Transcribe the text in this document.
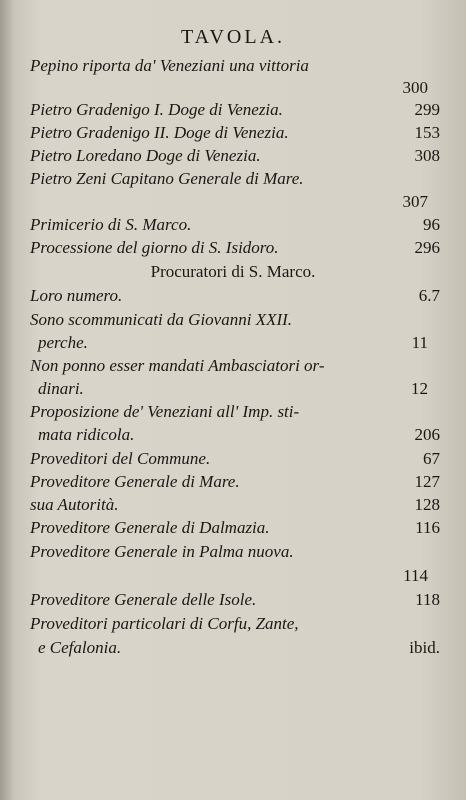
TAVOLA.
Pepino riporta da' Veneziani una vittoria
300
Pietro Gradenigo I. Doge di Venezia.	299
Pietro Gradenigo II. Doge di Venezia.	153
Pietro Loredano Doge di Venezia.	308
Pietro Zeni Capitano Generale di Mare.
307
Primicerio di S. Marco.	96
Processione del giorno di S. Isidoro.	296
Procuratori di S. Marco.
Loro numero.	6.7
Sono scommunicati da Giovanni XXII.
perche.	11
Non ponno esser mandati Ambasciatori or-
dinari.	12
Proposizione de' Veneziani all' Imp. sti-
mata ridicola.	206
Proveditori del Commune.	67
Proveditore Generale di Mare.	127
sua Autorità.	128
Proveditore Generale di Dalmazia.	116
Proveditore Generale in Palma nuova.
114
Proveditore Generale delle Isole.	118
Proveditori particolari di Corfu, Zante,
e Cefalonia.	ibid.
